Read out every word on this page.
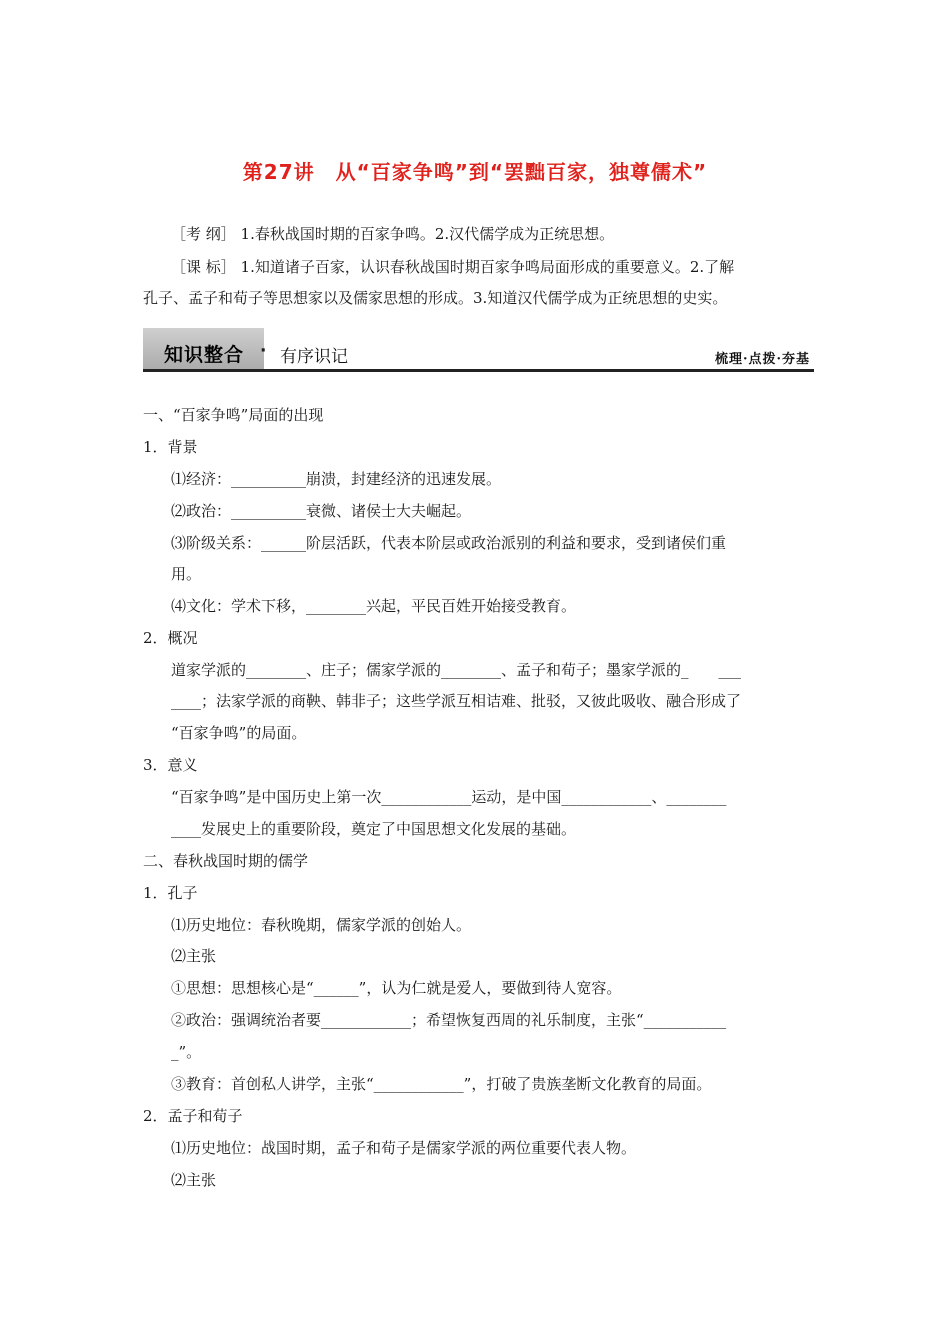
第27讲　从“百家争鸣”到“罢黜百家，独尊儒术”
［考 纲］ 1.春秋战国时期的百家争鸣。2.汉代儒学成为正统思想。
［课 标］ 1.知道诸子百家，认识春秋战国时期百家争鸣局面形成的重要意义。2.了解
孔子、孟子和荀子等思想家以及儒家思想的形成。3.知道汉代儒学成为正统思想的史实。
知识整合 · 有序识记	梳理·点拨·夯基
一、“百家争鸣”局面的出现
1．背景
⑴经济：__________崩溃，封建经济的迅速发展。
⑵政治：__________衰微、诸侯士大夫崛起。
⑶阶级关系：______阶层活跃，代表本阶层或政治派别的利益和要求，受到诸侯们重
用。
⑷文化：学术下移，________兴起，平民百姓开始接受教育。
2．概况
道家学派的________、庄子；儒家学派的________、孟子和荀子；墨家学派的_　　___
____；法家学派的商鞅、韩非子；这些学派互相诘难、批驳，又彼此吸收、融合形成了
“百家争鸣”的局面。
3．意义
“百家争鸣”是中国历史上第一次____________运动，是中国____________、________
____发展史上的重要阶段，奠定了中国思想文化发展的基础。
二、春秋战国时期的儒学
1．孔子
⑴历史地位：春秋晚期，儒家学派的创始人。
⑵主张
①思想：思想核心是“______”，认为仁就是爱人，要做到待人宽容。
②政治：强调统治者要____________；希望恢复西周的礼乐制度，主张“___________
_”。
③教育：首创私人讲学，主张“____________”，打破了贵族垄断文化教育的局面。
2．孟子和荀子
⑴历史地位：战国时期，孟子和荀子是儒家学派的两位重要代表人物。
⑵主张
